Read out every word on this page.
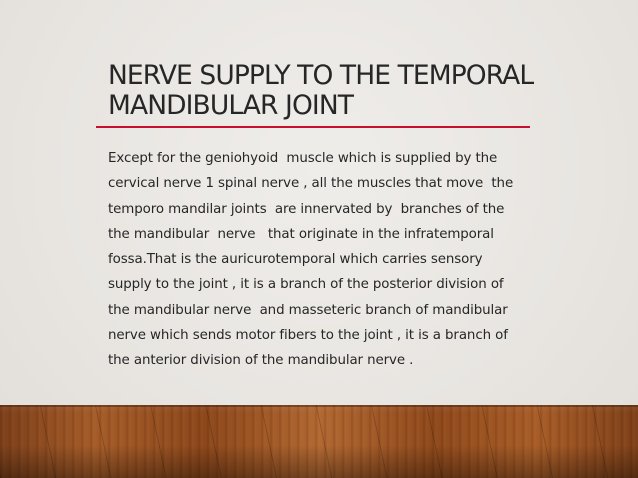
NERVE SUPPLY TO THE TEMPORAL
MANDIBULAR JOINT
Except for the geniohyoid  muscle which is supplied by the
cervical nerve 1 spinal nerve , all the muscles that move  the
temporo mandilar joints  are innervated by  branches of the
the mandibular  nerve   that originate in the infratemporal
fossa.That is the auricurotemporal which carries sensory
supply to the joint , it is a branch of the posterior division of
the mandibular nerve  and masseteric branch of mandibular
nerve which sends motor fibers to the joint , it is a branch of
the anterior division of the mandibular nerve .
